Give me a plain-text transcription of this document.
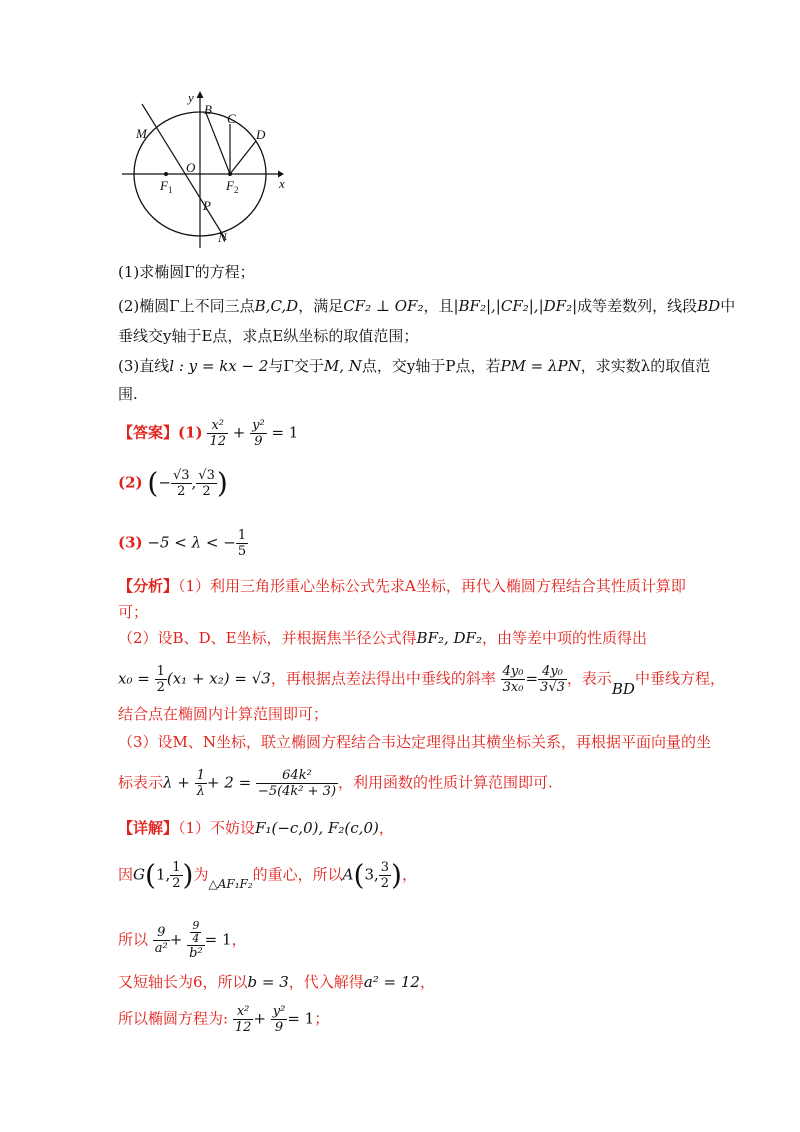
y
x
B
C
D
M
O
$F_1$	$F_2$
P
N
(1)求椭圆Γ的方程；
(2)椭圆Γ上不同三点B,C,D，满足CF₂ ⊥ OF₂，且|BF₂|,|CF₂|,|DF₂|成等差数列，线段BD中
垂线交y轴于E点，求点E纵坐标的取值范围；
(3)直线l : y = kx − 2与Γ交于M, N点，交y轴于P点，若PM = λPN，求实数λ的取值范
围.
【答案】$(1) \frac{\text{x²}}{12} + \frac{\text{y²}}{9} = 1$
(2) (− $\frac{√3}{2}$ , $\frac{√3}{2}$ )
(3) −5 < λ < − $\frac{1}{5}$
【分析】（1）利用三角形重心坐标公式先求A坐标，再代入椭圆方程结合其性质计算即
可；
（2）设B、D、E坐标，并根据焦半径公式得BF₂, DF₂，由等差中项的性质得出
$x_0 = \frac{1}{2} (x_1 + x_2) = √3$，再根据点差法得出中垂线的斜率 $\frac{\text{4y₀}}{\text{3x₀}} = \frac{\text{4y₀}}{3√3}$ ，表示BD中垂线方程，
结合点在椭圆内计算范围即可；
（3）设M、N坐标，联立椭圆方程结合韦达定理得出其横坐标关系，再根据平面向量的坐
标表示$\lambda + \frac{1}{\lambda} + 2 = \frac{\text{64k²}}{\text{−5(4k² + 3)}}$ ，利用函数的性质计算范围即可.
【详解】（1）不妨设F₁(−c,0), F₂(c,0)，
因G(1, $\frac{1}{2}$ )为$_{\triangle AF_1F_2}$的重心，所以A(3, $\frac{3}{2}$ )，
所以 $\frac{9}{\text{a²}} + \frac{\frac{9}{4}}{\text{b²}} = 1$，
又短轴长为6，所以b = 3，代入解得a² = 12，
所以椭圆方程为: $\frac{\text{x²}}{12} + \frac{\text{y²}}{9} = 1$；
